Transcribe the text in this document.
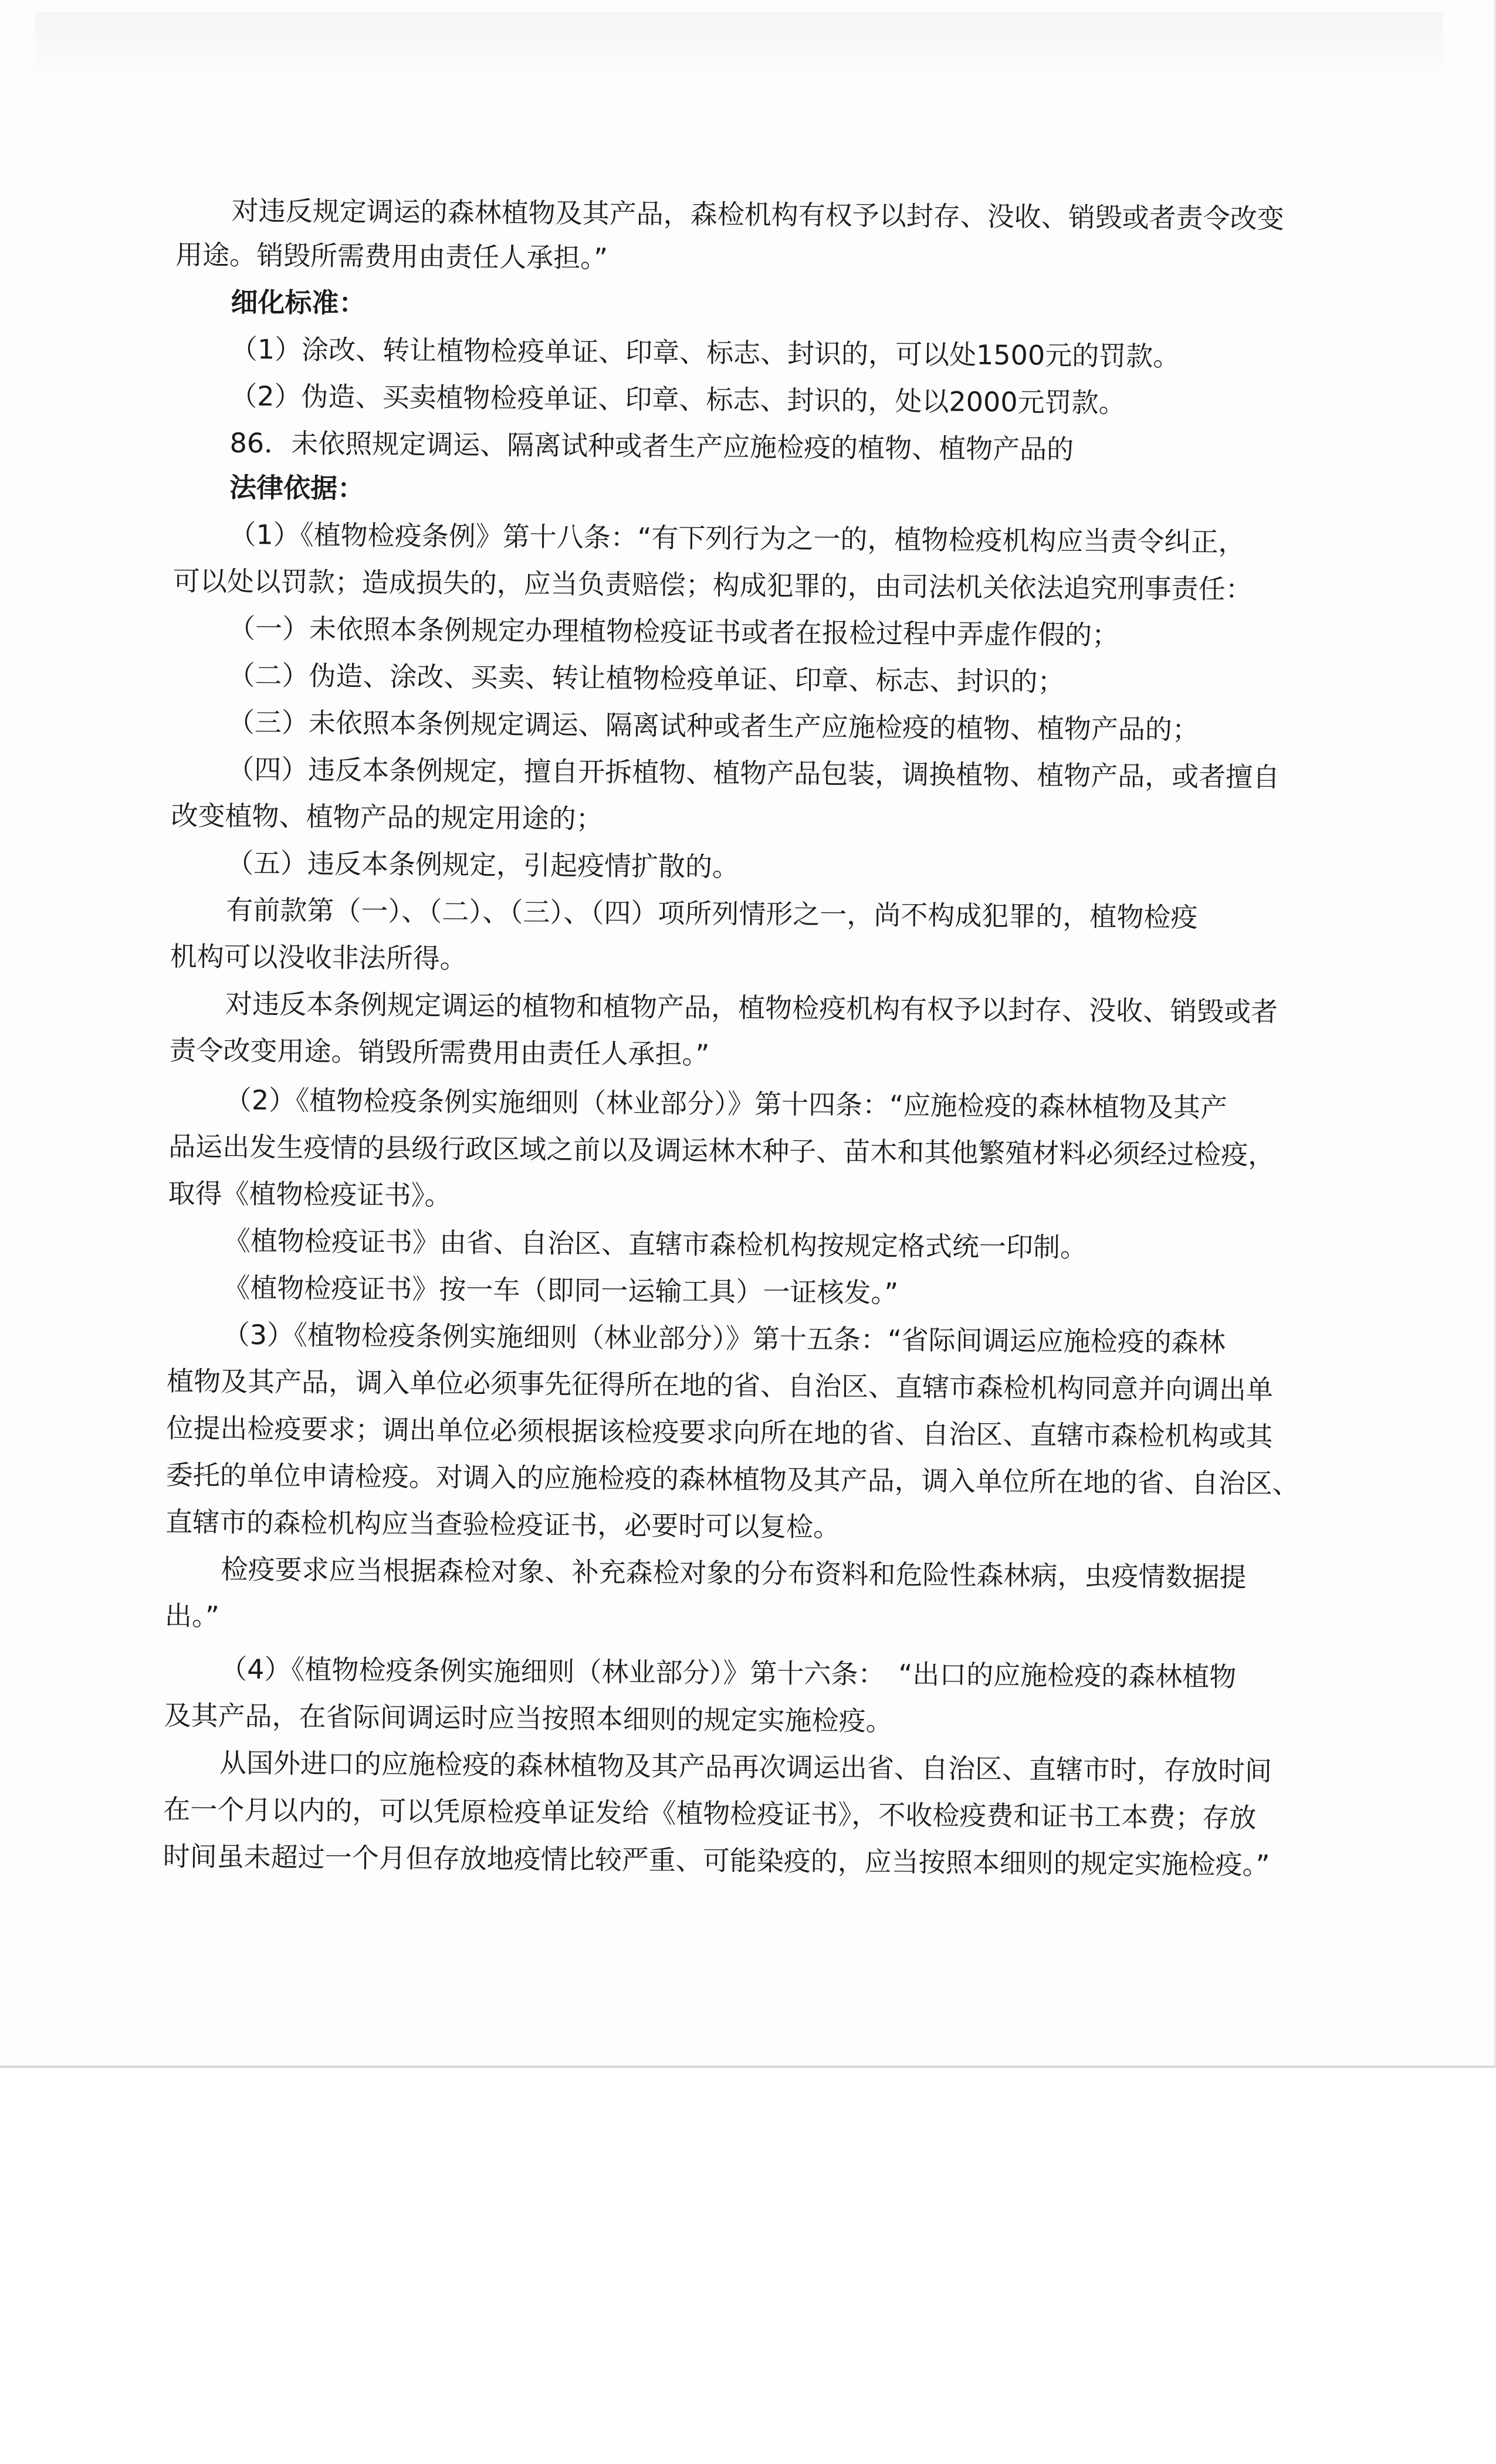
对违反规定调运的森林植物及其产品，森检机构有权予以封存、没收、销毁或者责令改变
用途。销毁所需费用由责任人承担。”
细化标准：
（1）涂改、转让植物检疫单证、印章、标志、封识的，可以处1500元的罚款。
（2）伪造、买卖植物检疫单证、印章、标志、封识的，处以2000元罚款。
86．未依照规定调运、隔离试种或者生产应施检疫的植物、植物产品的
法律依据：
（1）《植物检疫条例》第十八条：“有下列行为之一的，植物检疫机构应当责令纠正，
可以处以罚款；造成损失的，应当负责赔偿；构成犯罪的，由司法机关依法追究刑事责任：
（一）未依照本条例规定办理植物检疫证书或者在报检过程中弄虚作假的；
（二）伪造、涂改、买卖、转让植物检疫单证、印章、标志、封识的；
（三）未依照本条例规定调运、隔离试种或者生产应施检疫的植物、植物产品的；
（四）违反本条例规定，擅自开拆植物、植物产品包装，调换植物、植物产品，或者擅自
改变植物、植物产品的规定用途的；
（五）违反本条例规定，引起疫情扩散的。
有前款第（一）、（二）、（三）、（四）项所列情形之一，尚不构成犯罪的，植物检疫
机构可以没收非法所得。
对违反本条例规定调运的植物和植物产品，植物检疫机构有权予以封存、没收、销毁或者
责令改变用途。销毁所需费用由责任人承担。”
（2）《植物检疫条例实施细则（林业部分）》第十四条：“应施检疫的森林植物及其产
品运出发生疫情的县级行政区域之前以及调运林木种子、苗木和其他繁殖材料必须经过检疫，
取得《植物检疫证书》。
《植物检疫证书》由省、自治区、直辖市森检机构按规定格式统一印制。
《植物检疫证书》按一车（即同一运输工具）一证核发。”
（3）《植物检疫条例实施细则（林业部分）》第十五条：“省际间调运应施检疫的森林
植物及其产品，调入单位必须事先征得所在地的省、自治区、直辖市森检机构同意并向调出单
位提出检疫要求；调出单位必须根据该检疫要求向所在地的省、自治区、直辖市森检机构或其
委托的单位申请检疫。对调入的应施检疫的森林植物及其产品，调入单位所在地的省、自治区、
直辖市的森检机构应当查验检疫证书，必要时可以复检。
检疫要求应当根据森检对象、补充森检对象的分布资料和危险性森林病，虫疫情数据提
出。”
（4）《植物检疫条例实施细则（林业部分）》第十六条：　“出口的应施检疫的森林植物
及其产品，在省际间调运时应当按照本细则的规定实施检疫。
从国外进口的应施检疫的森林植物及其产品再次调运出省、自治区、直辖市时，存放时间
在一个月以内的，可以凭原检疫单证发给《植物检疫证书》，不收检疫费和证书工本费；存放
时间虽未超过一个月但存放地疫情比较严重、可能染疫的，应当按照本细则的规定实施检疫。”
